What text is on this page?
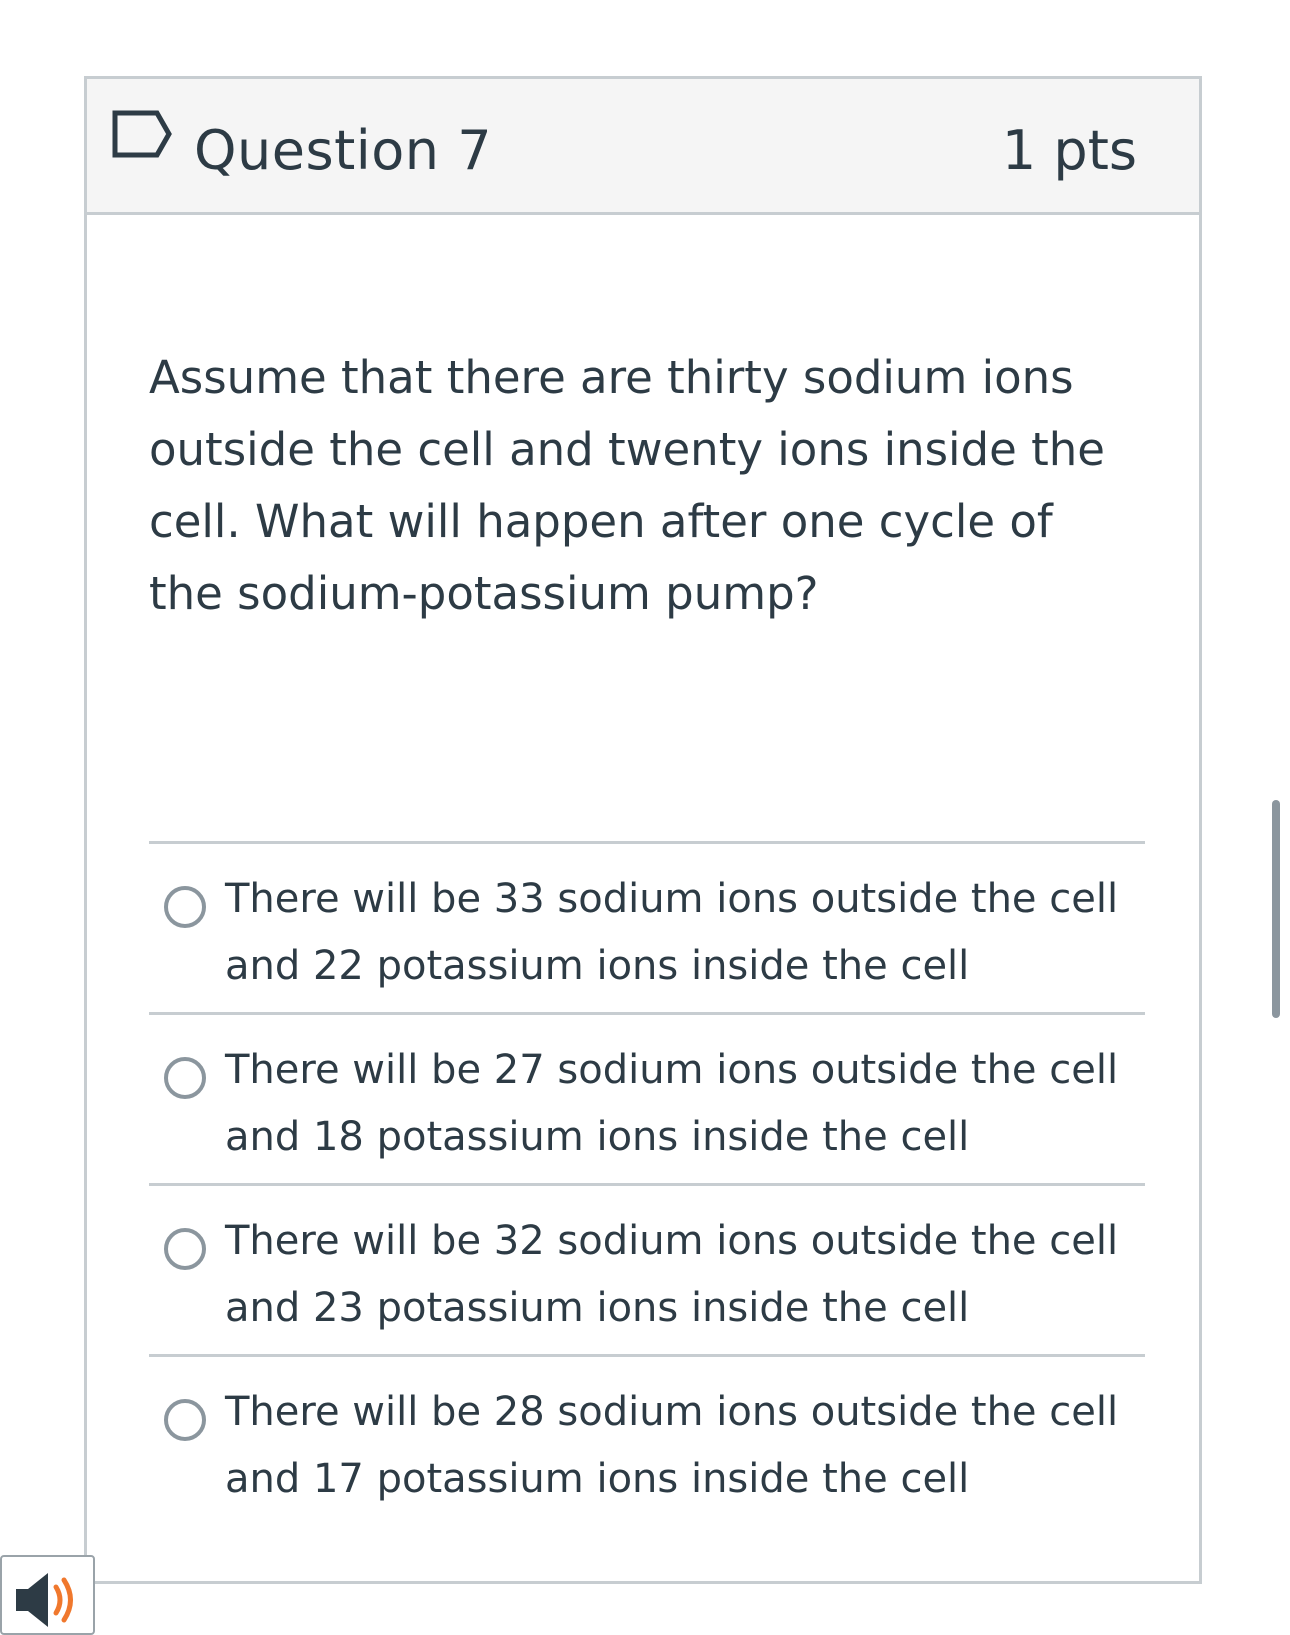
Question 7	1 pts

Assume that there are thirty sodium ions outside the cell and twenty ions inside the cell. What will happen after one cycle of the sodium-potassium pump?

There will be 33 sodium ions outside the cell and 22 potassium ions inside the cell
There will be 27 sodium ions outside the cell and 18 potassium ions inside the cell
There will be 32 sodium ions outside the cell and 23 potassium ions inside the cell
There will be 28 sodium ions outside the cell and 17 potassium ions inside the cell
